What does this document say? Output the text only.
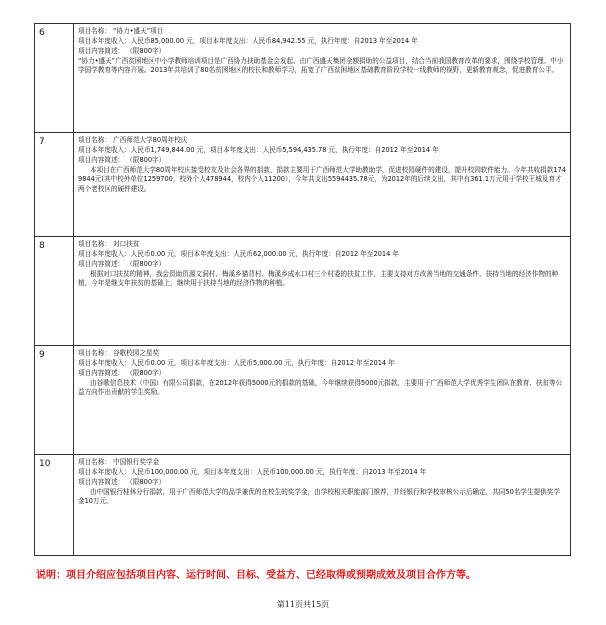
6	项目名称： “协力•盛天”项目
项目本年度收入：人民币85,000.00 元，项目本年度支出：人民币84,942.55 元，执行年度：自2013 年至2014 年
项目内容简述： （限800字）
“协力•盛天”广西贫困地区中小学教师培训项目是广西协力扶助基金会发起、由广西盛天集团全额捐助的公益项目，结合当前我国教育改革的要求，围绕学校管理、中小学国学教育等内容开展。2013年共培训了80名贫困地区的校长和教师学习，拓宽了广西贫困地区基础教育阶段学校一线教师的视野，更新教育观念，促进教育公平。

7	项目名称： 广西师范大学80周年校庆
项目本年度收入：人民币1,749,844.00 元，项目本年度支出：人民币5,594,435.78 元，执行年度：自2012 年至2014 年
项目内容简述： （限800字）
本项目在广西师范大学80周年校庆接受校友及社会各界的捐款，捐款主要用于广西师范大学助教助学，促进校园硬件的建设，提升校园软件能力。今年共收捐款1749844元(其中校外单位1259700，校外个人478944，校内个人11200），今年共支出5594435.78元，为2012年的后续支出，其中有361.1万元用于学校王城及育才两个老校区的硬件建设。

8	项目名称： 对口扶贫
项目本年度收入：人民币0.00 元，项目本年度支出：人民币62,000.00 元，执行年度：自2012 年至2014 年
项目内容简述： （限800字）
根据对口扶贫的精神，我会资助资源文洞村、梅溪乡猫背村、梅溪乡成水口村三个村委的扶贫工作，主要支持对方改善当地的交通条件，扶持当地的经济作物的种植，今年是继支年扶贫的基础上，继续用于扶持当地的经济作物的种植。

9	项目名称： 谷歌校园之星奖
项目本年度收入：人民币0.00 元，项目本年度支出：人民币5,000.00 元，执行年度：自2012 年至2014 年
项目内容简述： （限800字）
由谷歌信息技术（中国）有限公司捐款，在2012年获得5000元的捐款的基础，今年继续获得5000元捐款，主要用于广西师范大学优秀学生团队在教育、扶贫等公益方向作出贡献的学生奖励。

10	项目名称： 中国银行奖学金
项目本年度收入：人民币100,000.00 元，项目本年度支出：人民币100,000.00 元，执行年度：自2013 年至2014 年
项目内容简述： （限800字）
由中国银行桂林分行捐款，用于广西师范大学的品学兼优的在校生的奖学金，由学校相关职能部门推荐，并经银行和学校审核公示后确定，共同50名学生提供奖学金10万元。
说明：项目介绍应包括项目内容、运行时间、目标、受益方、已经取得或预期成效及项目合作方等。
第11页共15页
